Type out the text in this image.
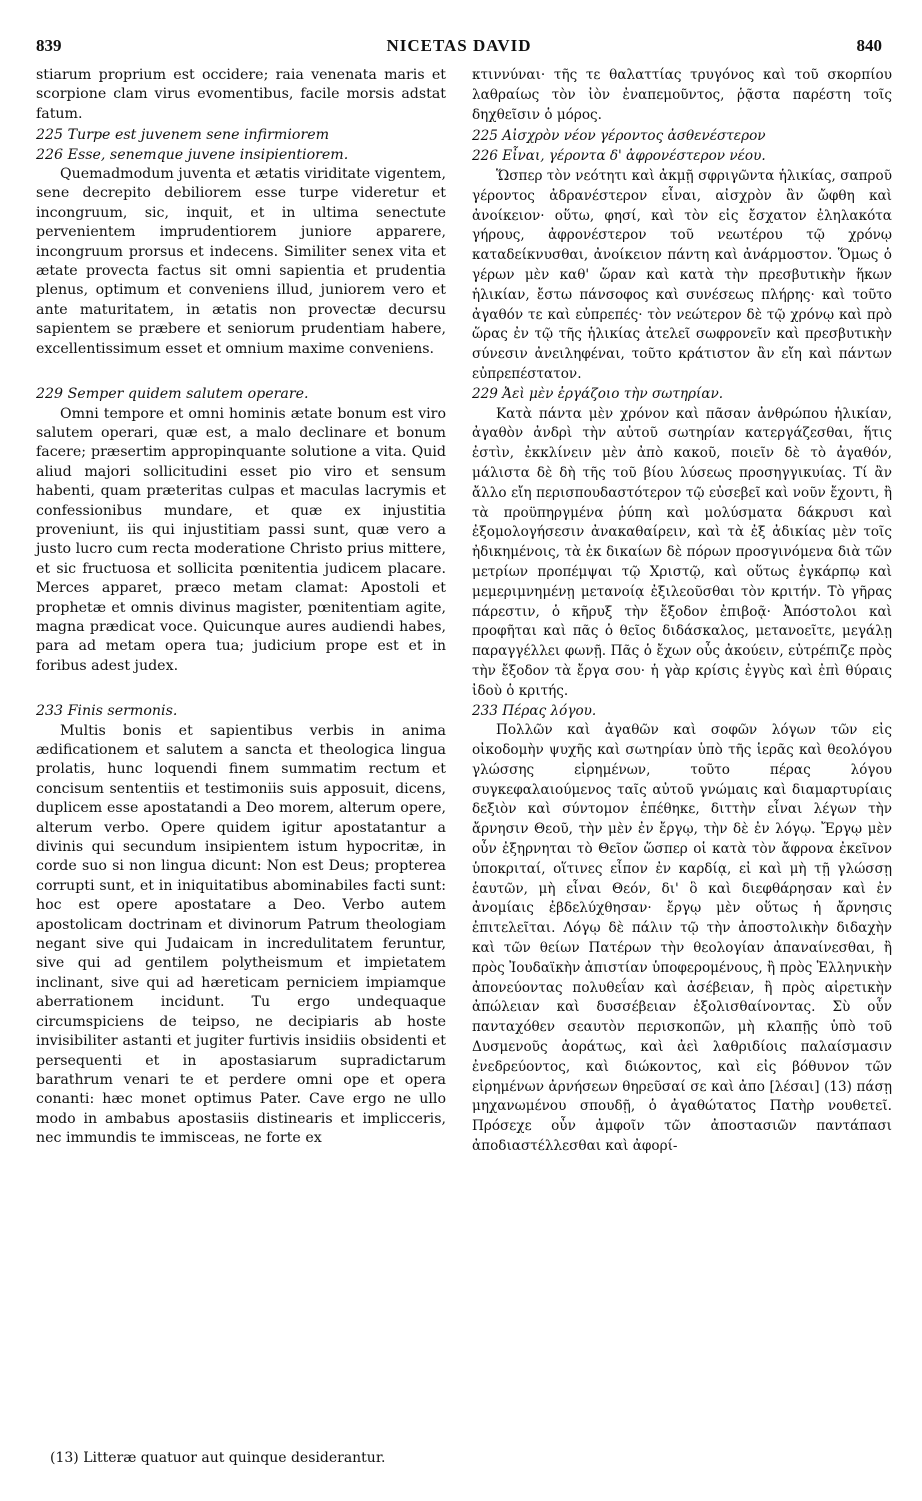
839	NICETAS DAVID	840

stiarum proprium est occidere; raia venenata maris et scorpione clam virus evomentibus, facile morsis adstat fatum.

225 Turpe est juvenem sene infirmiorem

226 Esse, senemque juvene insipientiorem.

Quemadmodum juventa et ætatis viriditate vigentem, sene decrepito debiliorem esse turpe videretur et incongruum, sic, inquit, et in ultima senectute pervenientem imprudentiorem juniore apparere, incongruum prorsus et indecens. Similiter senex vita et ætate provecta factus sit omni sapientia et prudentia plenus, optimum et conveniens illud, juniorem vero et ante maturitatem, in ætatis non provectæ decursu sapientem se præbere et seniorum prudentiam habere, excellentissimum esset et omnium maxime conveniens.

229 Semper quidem salutem operare.

Omni tempore et omni hominis ætate bonum est viro salutem operari, quæ est, a malo declinare et bonum facere; præsertim appropinquante solutione a vita. Quid aliud majori sollicitudini esset pio viro et sensum habenti, quam præteritas culpas et maculas lacrymis et confessionibus mundare, et quæ ex injustitia proveniunt, iis qui injustitiam passi sunt, quæ vero a justo lucro cum recta moderatione Christo prius mittere, et sic fructuosa et sollicita pœnitentia judicem placare. Merces apparet, præco metam clamat: Apostoli et prophetæ et omnis divinus magister, pœnitentiam agite, magna prædicat voce. Quicunque aures audiendi habes, para ad metam opera tua; judicium prope est et in foribus adest judex.

233 Finis sermonis.

Multis bonis et sapientibus verbis in anima ædificationem et salutem a sancta et theologica lingua prolatis, hunc loquendi finem summatim rectum et concisum sententiis et testimoniis suis apposuit, dicens, duplicem esse apostatandi a Deo morem, alterum opere, alterum verbo. Opere quidem igitur apostatantur a divinis qui secundum insipientem istum hypocritæ, in corde suo si non lingua dicunt: Non est Deus; propterea corrupti sunt, et in iniquitatibus abominabiles facti sunt: hoc est opere apostatare a Deo. Verbo autem apostolicam doctrinam et divinorum Patrum theologiam negant sive qui Judaicam in incredulitatem feruntur, sive qui ad gentilem polytheismum et impietatem inclinant, sive qui ad hæreticam perniciem impiamque aberrationem incidunt. Tu ergo undequaque circumspiciens de teipso, ne decipiaris ab hoste invisibiliter astanti et jugiter furtivis insidiis obsidenti et persequenti et in apostasiarum supradictarum barathrum venari te et perdere omni ope et opera conanti: hæc monet optimus Pater. Cave ergo ne ullo modo in ambabus apostasiis distinearis et implicceris, nec immundis te immisceas, ne forte ex

κτιννύναι· τῆς τε θαλαττίας τρυγόνος καὶ τοῦ σκορπίου λαθραίως τὸν ἰὸν ἐναπεμοῦντος, ῥᾷστα παρέστη τοῖς δηχθεῖσιν ὁ μόρος.

225 Αἰσχρὸν νέον γέροντος ἀσθενέστερον

226 Εἶναι, γέροντα δ' ἀφρονέστερον νέου.

Ὥσπερ τὸν νεότητι καὶ ἀκμῇ σφριγῶντα ἡλικίας, σαπροῦ γέροντος ἀδρανέστερον εἶναι, αἰσχρὸν ἂν ὤφθη καὶ ἀνοίκειον· οὕτω, φησί, καὶ τὸν εἰς ἔσχατον ἐληλακότα γήρους, ἀφρονέστερον τοῦ νεωτέρου τῷ χρόνῳ καταδείκνυσθαι, ἀνοίκειον πάντη καὶ ἀνάρμοστον. Ὅμως ὁ γέρων μὲν καθ' ὥραν καὶ κατὰ τὴν πρεσβυτικὴν ἥκων ἡλικίαν, ἔστω πάνσοφος καὶ συνέσεως πλήρης· καὶ τοῦτο ἀγαθόν τε καὶ εὐπρεπές· τὸν νεώτερον δὲ τῷ χρόνῳ καὶ πρὸ ὥρας ἐν τῷ τῆς ἡλικίας ἀτελεῖ σωφρονεῖν καὶ πρεσβυτικὴν σύνεσιν ἀνειληφέναι, τοῦτο κράτιστον ἂν εἴη καὶ πάντων εὐπρεπέστατον.

229 Ἀεὶ μὲν ἐργάζοιο τὴν σωτηρίαν.

Κατὰ πάντα μὲν χρόνον καὶ πᾶσαν ἀνθρώπου ἡλικίαν, ἀγαθὸν ἀνδρὶ τὴν αὐτοῦ σωτηρίαν κατεργάζεσθαι, ἥτις ἐστὶν, ἐκκλίνειν μὲν ἀπὸ κακοῦ, ποιεῖν δὲ τὸ ἀγαθόν, μάλιστα δὲ δὴ τῆς τοῦ βίου λύσεως προσηγγικυίας. Τί ἂν ἄλλο εἴη περισπουδαστότερον τῷ εὐσεβεῖ καὶ νοῦν ἔχοντι, ἢ τὰ προϋπηργμένα ῥύπη καὶ μολύσματα δάκρυσι καὶ ἐξομολογήσεσιν ἀνακαθαίρειν, καὶ τὰ ἐξ ἀδικίας μὲν τοῖς ἠδικημένοις, τὰ ἐκ δικαίων δὲ πόρων προσγινόμενα διὰ τῶν μετρίων προπέμψαι τῷ Χριστῷ, καὶ οὕτως ἐγκάρπῳ καὶ μεμεριμνημένῃ μετανοίᾳ ἐξιλεοῦσθαι τὸν κριτήν. Τὸ γῆρας πάρεστιν, ὁ κῆρυξ τὴν ἔξοδον ἐπιβοᾷ· Ἀπόστολοι καὶ προφῆται καὶ πᾶς ὁ θεῖος διδάσκαλος, μετανοεῖτε, μεγάλῃ παραγγέλλει φωνῇ. Πᾶς ὁ ἔχων οὖς ἀκούειν, εὐτρέπιζε πρὸς τὴν ἔξοδον τὰ ἔργα σου· ἡ γὰρ κρίσις ἐγγὺς καὶ ἐπὶ θύραις ἰδοὺ ὁ κριτής.

233 Πέρας λόγου.

Πολλῶν καὶ ἀγαθῶν καὶ σοφῶν λόγων τῶν εἰς οἰκοδομὴν ψυχῆς καὶ σωτηρίαν ὑπὸ τῆς ἱερᾶς καὶ θεολόγου γλώσσης εἰρημένων, τοῦτο πέρας λόγου συγκεφαλαιούμενος ταῖς αὐτοῦ γνώμαις καὶ διαμαρτυρίαις δεξιὸν καὶ σύντομον ἐπέθηκε, διττὴν εἶναι λέγων τὴν ἄρνησιν Θεοῦ, τὴν μὲν ἐν ἔργῳ, τὴν δὲ ἐν λόγῳ. Ἔργῳ μὲν οὖν ἐξηρνηται τὸ Θεῖον ὥσπερ οἱ κατὰ τὸν ἄφρονα ἐκεῖνον ὑποκριταί, οἵτινες εἶπον ἐν καρδίᾳ, εἰ καὶ μὴ τῇ γλώσσῃ ἑαυτῶν, μὴ εἶναι Θεόν, δι' ὃ καὶ διεφθάρησαν καὶ ἐν ἀνομίαις ἐβδελύχθησαν· ἔργῳ μὲν οὕτως ἡ ἄρνησις ἐπιτελεῖται. Λόγῳ δὲ πάλιν τῷ τὴν ἀποστολικὴν διδαχὴν καὶ τῶν θείων Πατέρων τὴν θεολογίαν ἀπαναίνεσθαι, ἢ πρὸς Ἰουδαϊκὴν ἀπιστίαν ὑποφερομένους, ἢ πρὸς Ἑλληνικὴν ἀπονεύοντας πολυθεΐαν καὶ ἀσέβειαν, ἢ πρὸς αἱρετικὴν ἀπώλειαν καὶ δυσσέβειαν ἐξολισθαίνοντας. Σὺ οὖν πανταχόθεν σεαυτὸν περισκοπῶν, μὴ κλαπῇς ὑπὸ τοῦ Δυσμενοῦς ἀοράτως, καὶ ἀεὶ λαθριδίοις παλαίσμασιν ἐνεδρεύοντος, καὶ διώκοντος, καὶ εἰς βόθυνον τῶν εἰρημένων ἀρνήσεων θηρεῦσαί σε καὶ ἀπο [λέσαι] (13) πάσῃ μηχανωμένου σπουδῇ, ὁ ἀγαθώτατος Πατὴρ νουθετεῖ. Πρόσεχε οὖν ἀμφοῖν τῶν ἀποστασιῶν παντάπασι ἀποδιαστέλλεσθαι καὶ ἀφορί-

(13) Litteræ quatuor aut quinque desiderantur.
